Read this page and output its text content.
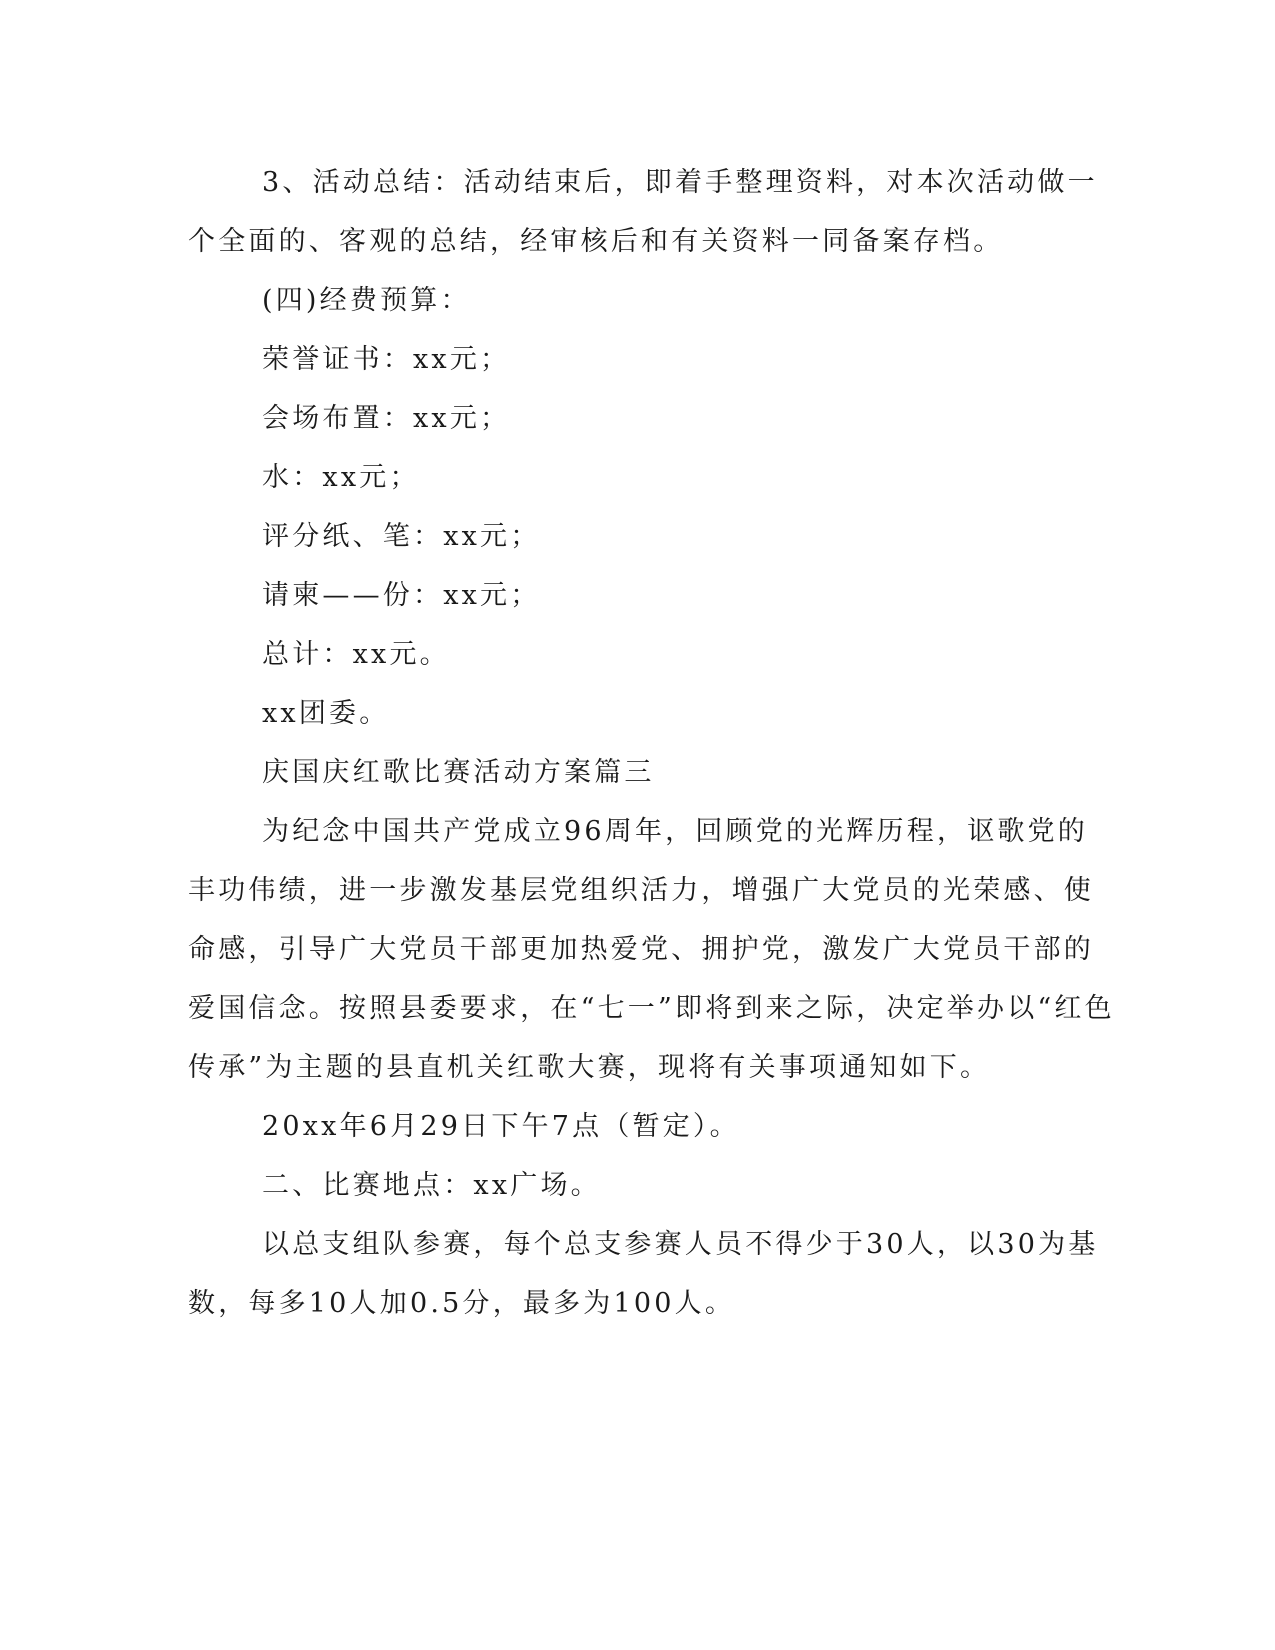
3、活动总结：活动结束后，即着手整理资料，对本次活动做一
个全面的、客观的总结，经审核后和有关资料一同备案存档。
(四)经费预算：
荣誉证书：xx元；
会场布置：xx元；
水：xx元；
评分纸、笔：xx元；
请柬——份：xx元；
总计：xx元。
xx团委。
庆国庆红歌比赛活动方案篇三
为纪念中国共产党成立96周年，回顾党的光辉历程，讴歌党的
丰功伟绩，进一步激发基层党组织活力，增强广大党员的光荣感、使
命感，引导广大党员干部更加热爱党、拥护党，激发广大党员干部的
爱国信念。按照县委要求，在“七一”即将到来之际，决定举办以“红色
传承”为主题的县直机关红歌大赛，现将有关事项通知如下。
20xx年6月29日下午7点（暂定）。
二、比赛地点：xx广场。
以总支组队参赛，每个总支参赛人员不得少于30人，以30为基
数，每多10人加0.5分，最多为100人。
